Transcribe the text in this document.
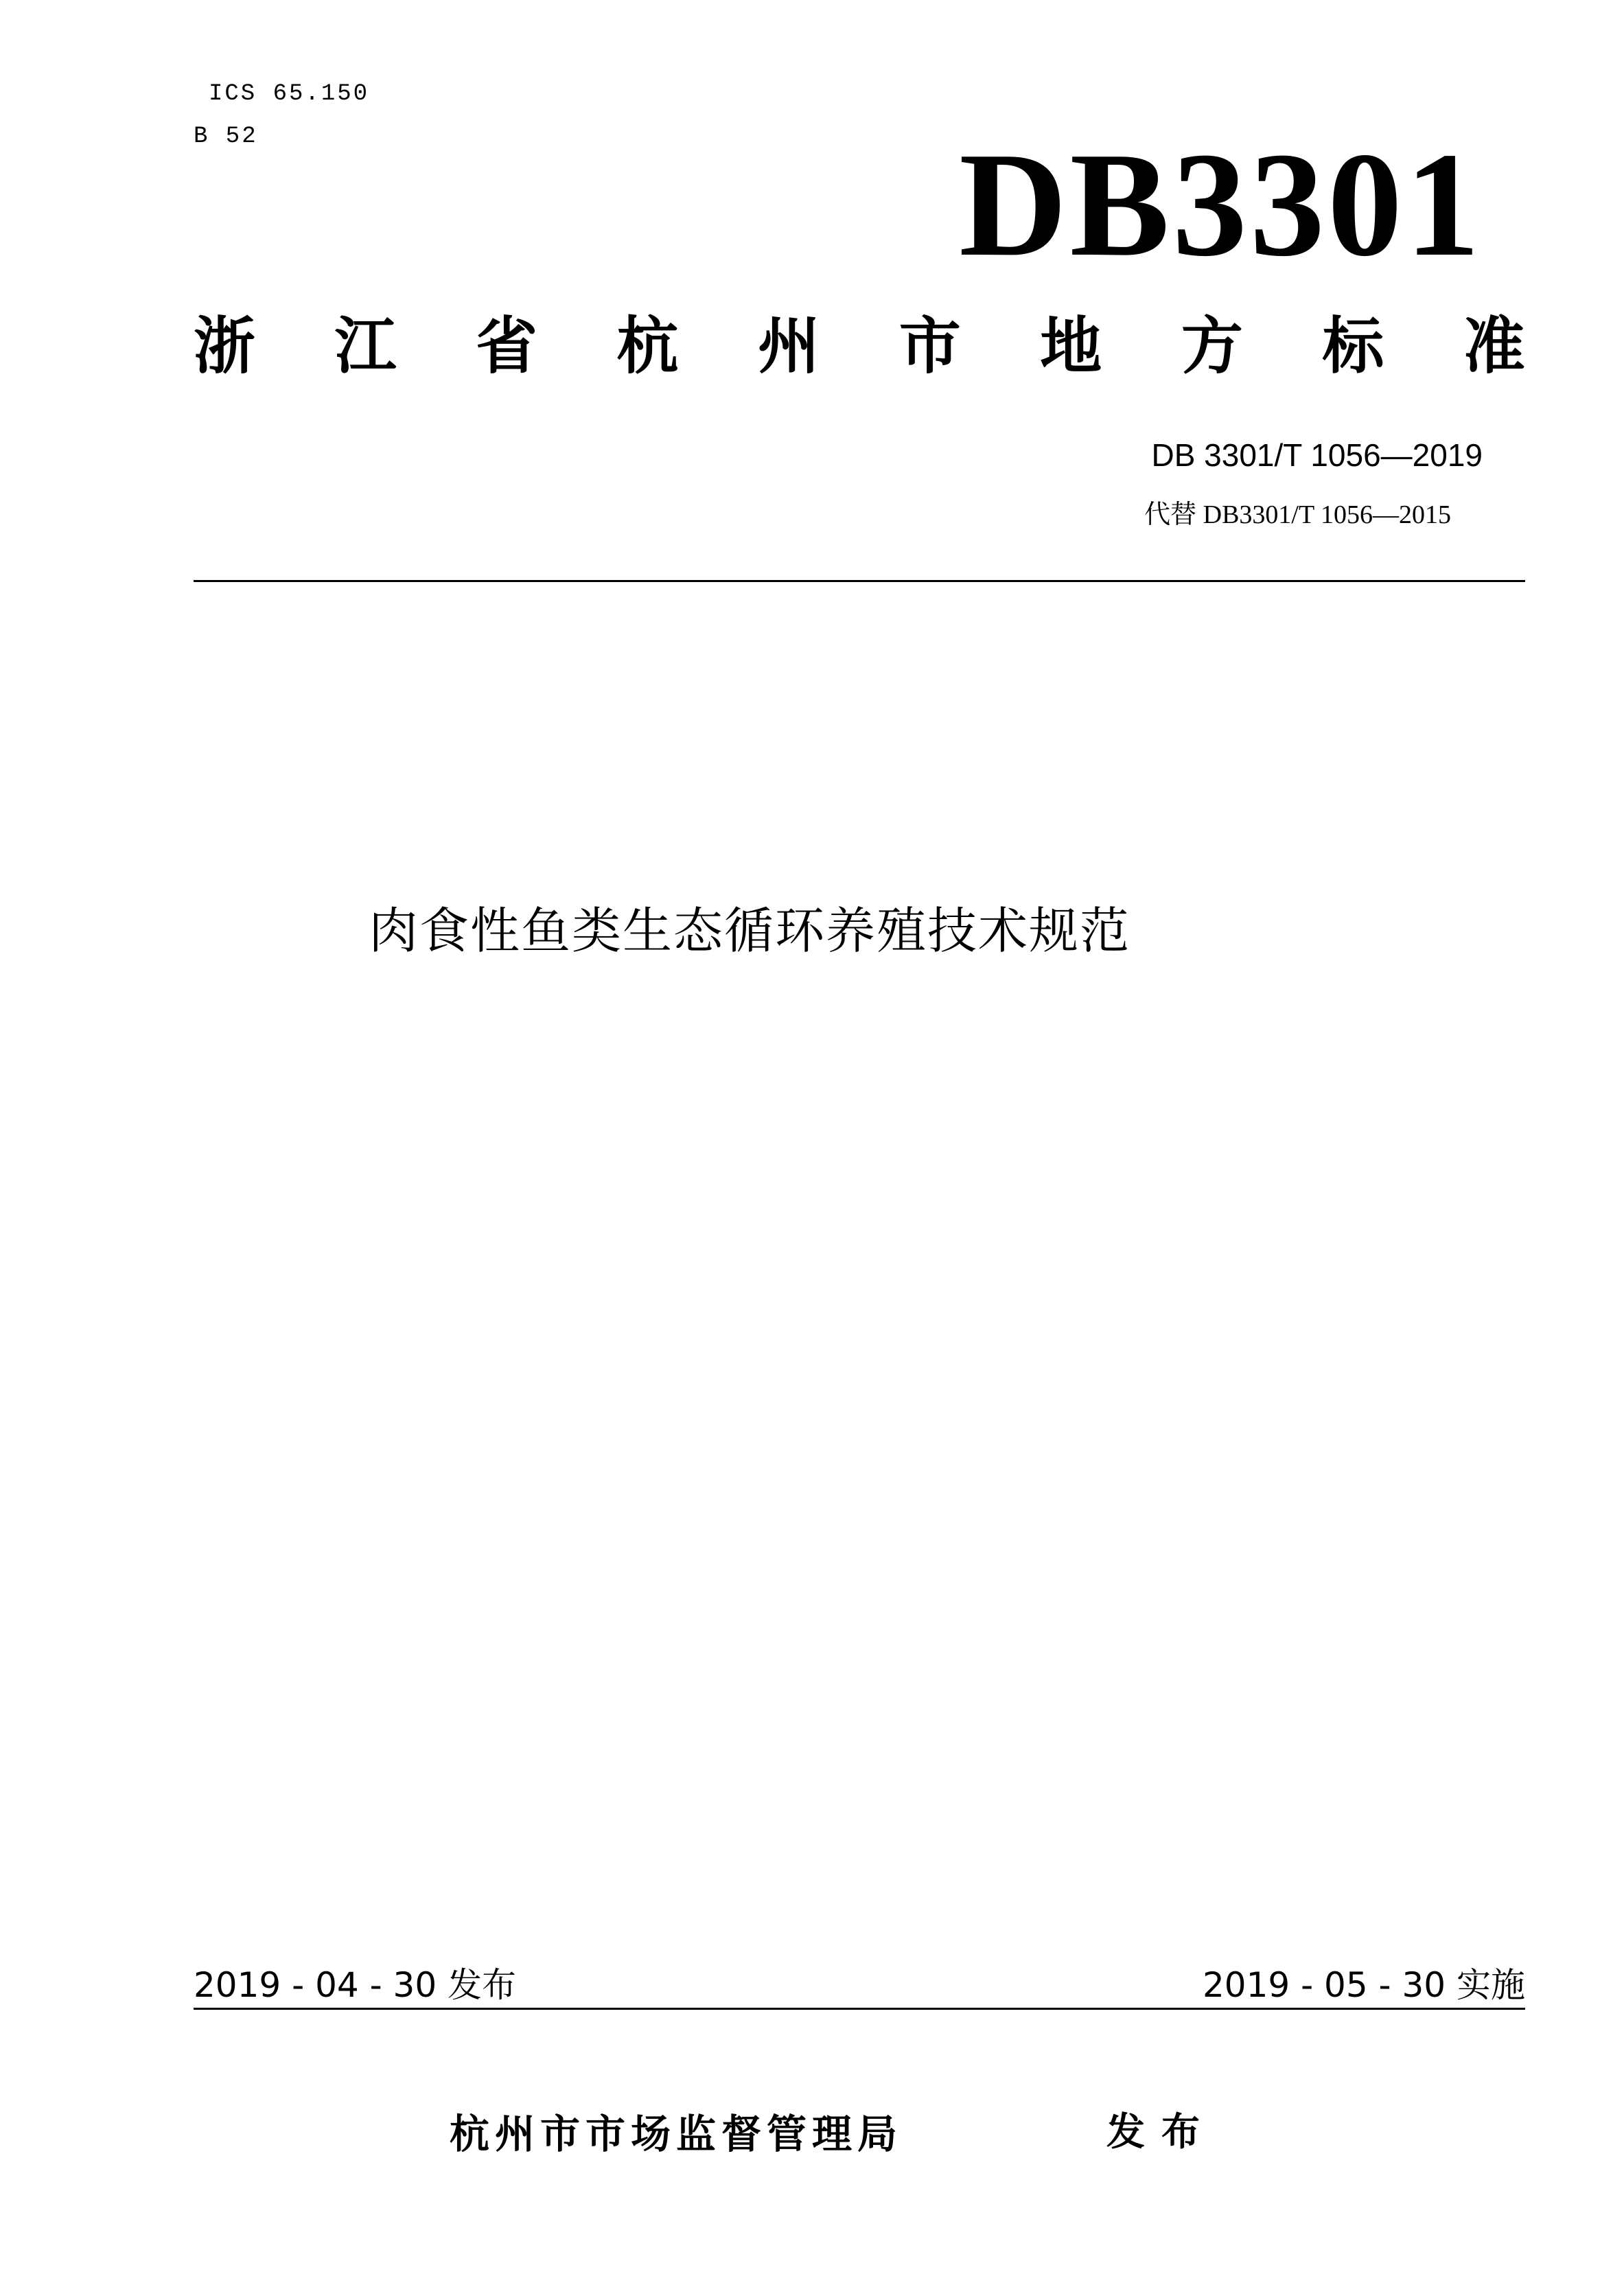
ICS 65.150
B 52	DB3301
浙 江 省 杭 州 市 地 方 标 准
DB 3301/T 1056—2019
代替 DB3301/T 1056—2015
肉食性鱼类生态循环养殖技术规范
2019 - 04 - 30 发布	2019 - 05 - 30 实施
杭州市市场监督管理局	发布
